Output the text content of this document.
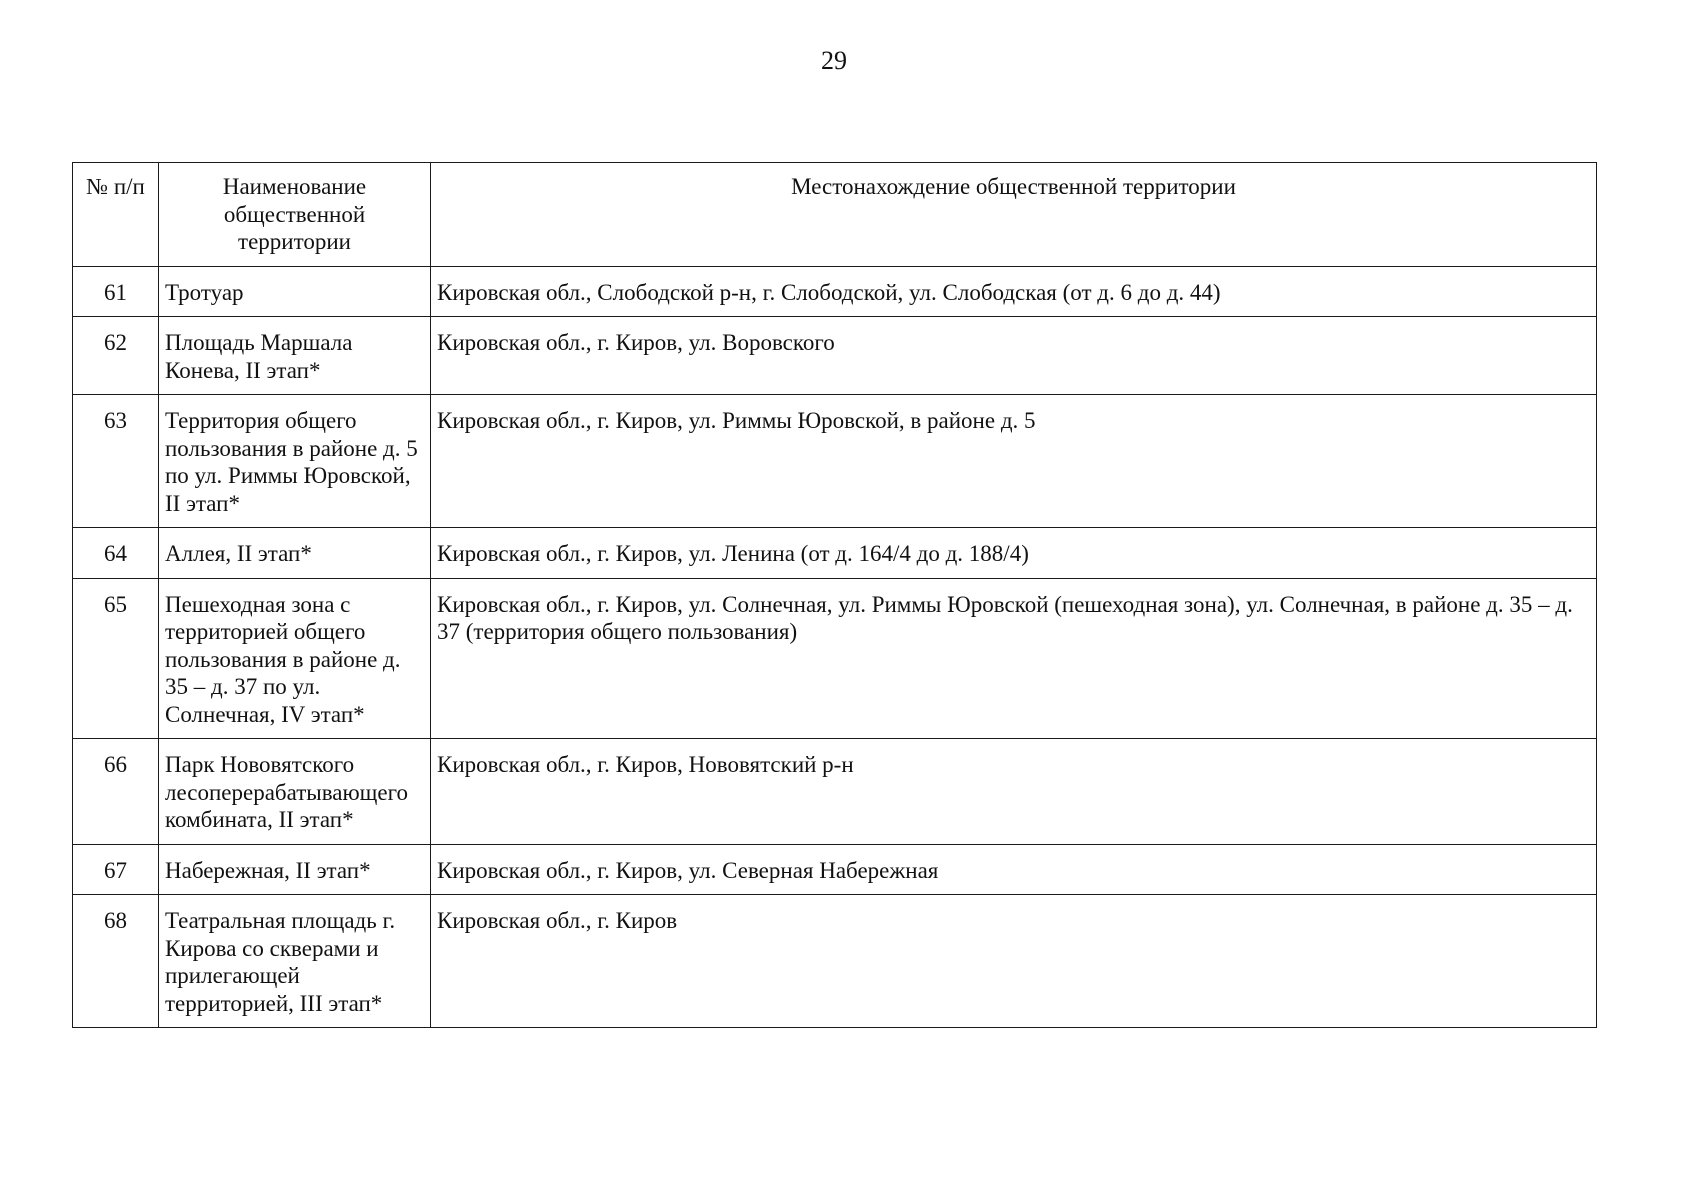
29
№ п/п	Наименование общественной территории	Местонахождение общественной территории
61	Тротуар	Кировская обл., Слободской р-н, г. Слободской, ул. Слободская (от д. 6 до д. 44)
62	Площадь Маршала Конева, II этап*	Кировская обл., г. Киров, ул. Воровского
63	Территория общего пользования в районе д. 5 по ул. Риммы Юровской, II этап*	Кировская обл., г. Киров, ул. Риммы Юровской, в районе д. 5
64	Аллея, II этап*	Кировская обл., г. Киров, ул. Ленина (от д. 164/4 до д. 188/4)
65	Пешеходная зона с территорией общего пользования в районе д. 35 – д. 37 по ул. Солнечная, IV этап*	Кировская обл., г. Киров, ул. Солнечная, ул. Риммы Юровской (пешеходная зона), ул. Солнечная, в районе д. 35 – д. 37 (территория общего пользования)
66	Парк Нововятского лесоперерабатывающего комбината, II этап*	Кировская обл., г. Киров, Нововятский р-н
67	Набережная, II этап*	Кировская обл., г. Киров, ул. Северная Набережная
68	Театральная площадь г. Кирова со скверами и прилегающей территорией, III этап*	Кировская обл., г. Киров
